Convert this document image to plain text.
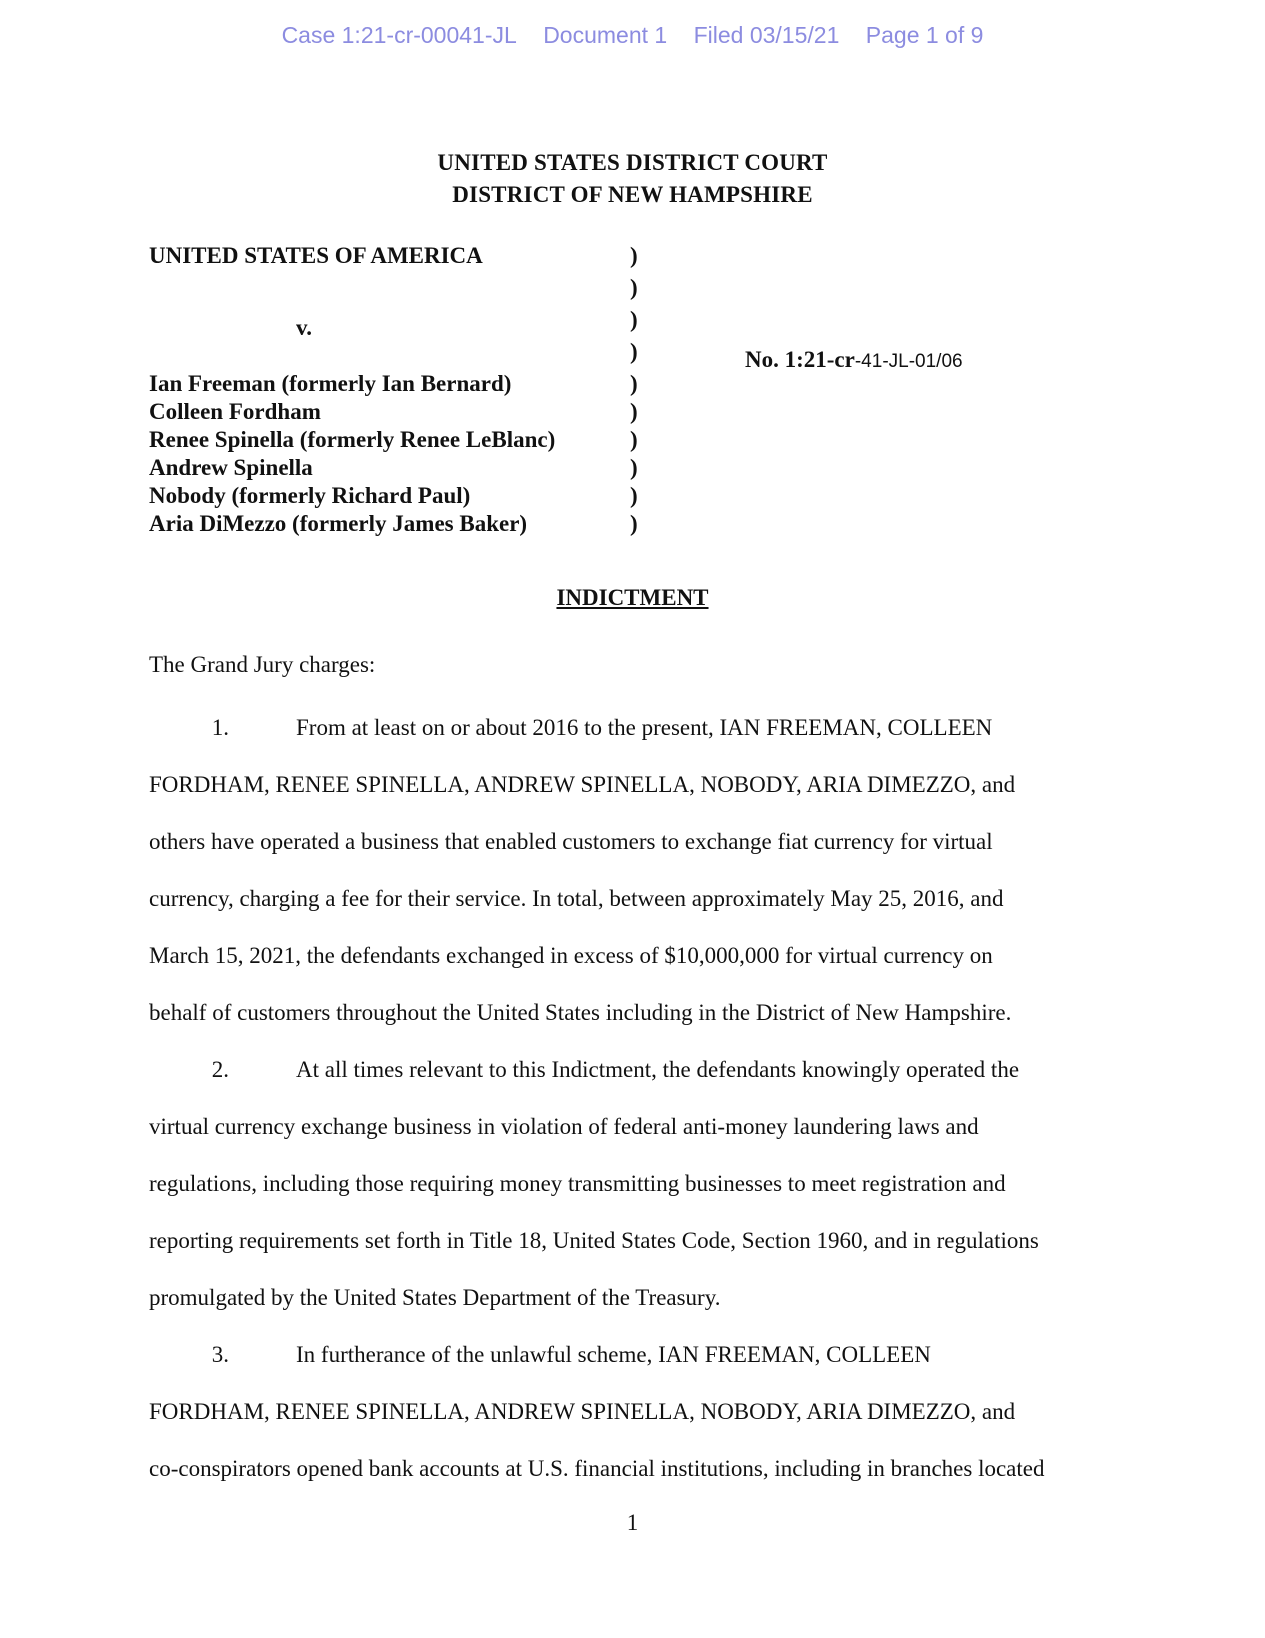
Case 1:21-cr-00041-JL Document 1 Filed 03/15/21 Page 1 of 9
UNITED STATES DISTRICT COURT
DISTRICT OF NEW HAMPSHIRE
UNITED STATES OF AMERICA
v.
Ian Freeman (formerly Ian Bernard)
Colleen Fordham
Renee Spinella (formerly Renee LeBlanc)
Andrew Spinella
Nobody (formerly Richard Paul)
Aria DiMezzo (formerly James Baker)
)
)
)
)
)
)
)
)
)
)
No. 1:21-cr-41-JL-01/06
INDICTMENT
The Grand Jury charges:
1.	From at least on or about 2016 to the present, IAN FREEMAN, COLLEEN
FORDHAM, RENEE SPINELLA, ANDREW SPINELLA, NOBODY, ARIA DIMEZZO, and
others have operated a business that enabled customers to exchange fiat currency for virtual
currency, charging a fee for their service. In total, between approximately May 25, 2016, and
March 15, 2021, the defendants exchanged in excess of $10,000,000 for virtual currency on
behalf of customers throughout the United States including in the District of New Hampshire.
2.	At all times relevant to this Indictment, the defendants knowingly operated the
virtual currency exchange business in violation of federal anti-money laundering laws and
regulations, including those requiring money transmitting businesses to meet registration and
reporting requirements set forth in Title 18, United States Code, Section 1960, and in regulations
promulgated by the United States Department of the Treasury.
3.	In furtherance of the unlawful scheme, IAN FREEMAN, COLLEEN
FORDHAM, RENEE SPINELLA, ANDREW SPINELLA, NOBODY, ARIA DIMEZZO, and
co-conspirators opened bank accounts at U.S. financial institutions, including in branches located
1
